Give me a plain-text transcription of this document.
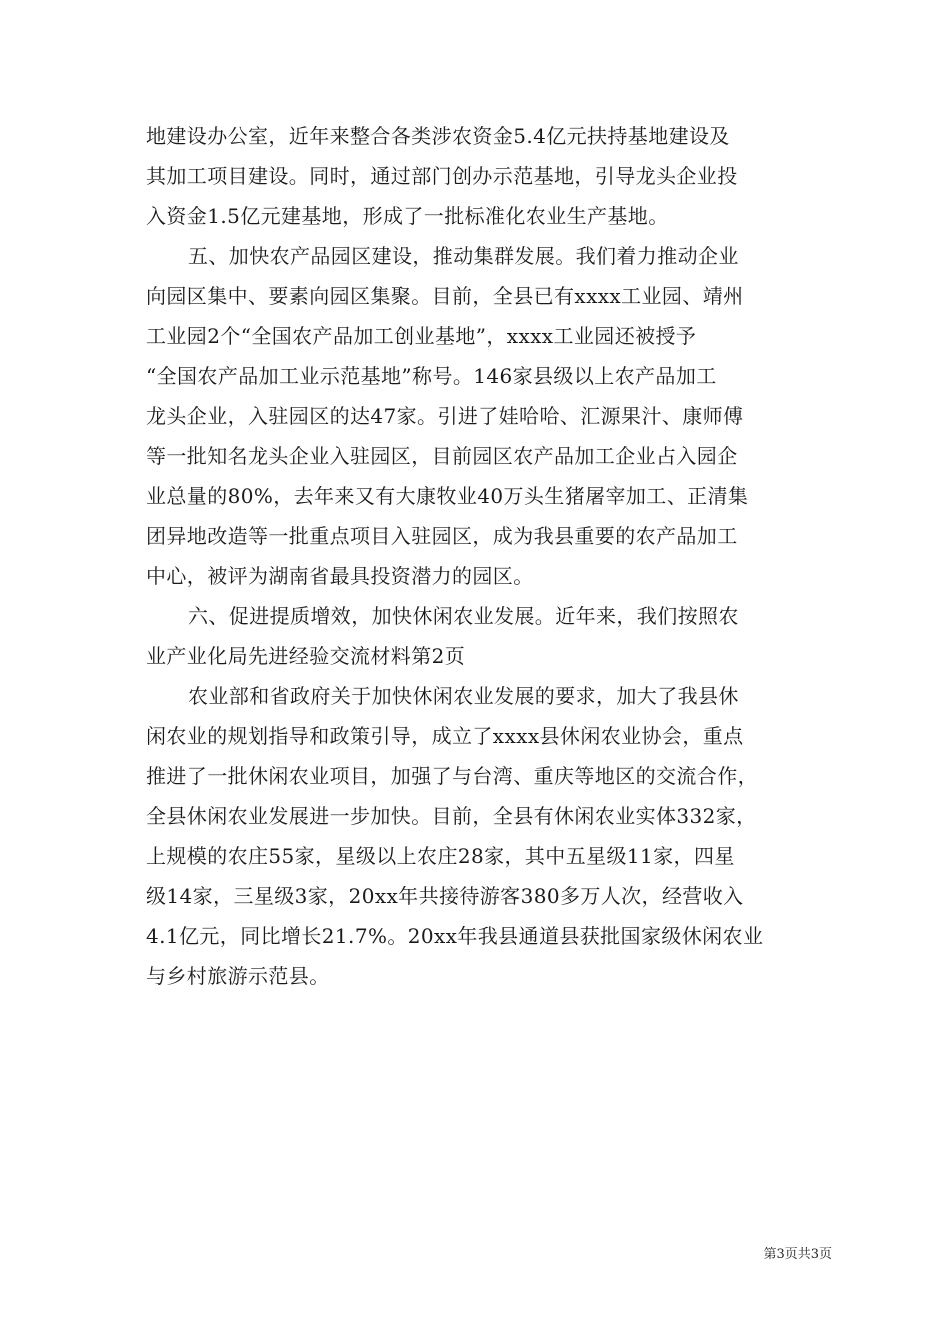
地建设办公室，近年来整合各类涉农资金5.4亿元扶持基地建设及
其加工项目建设。同时，通过部门创办示范基地，引导龙头企业投
入资金1.5亿元建基地，形成了一批标准化农业生产基地。
五、加快农产品园区建设，推动集群发展。我们着力推动企业
向园区集中、要素向园区集聚。目前，全县已有xxxx工业园、靖州
工业园2个“全国农产品加工创业基地”，xxxx工业园还被授予
“全国农产品加工业示范基地”称号。146家县级以上农产品加工
龙头企业，入驻园区的达47家。引进了娃哈哈、汇源果汁、康师傅
等一批知名龙头企业入驻园区，目前园区农产品加工企业占入园企
业总量的80%，去年来又有大康牧业40万头生猪屠宰加工、正清集
团异地改造等一批重点项目入驻园区，成为我县重要的农产品加工
中心，被评为湖南省最具投资潜力的园区。
六、促进提质增效，加快休闲农业发展。近年来，我们按照农
业产业化局先进经验交流材料第2页
农业部和省政府关于加快休闲农业发展的要求，加大了我县休
闲农业的规划指导和政策引导，成立了xxxx县休闲农业协会，重点
推进了一批休闲农业项目，加强了与台湾、重庆等地区的交流合作，
全县休闲农业发展进一步加快。目前，全县有休闲农业实体332家，
上规模的农庄55家，星级以上农庄28家，其中五星级11家，四星
级14家，三星级3家，20xx年共接待游客380多万人次，经营收入
4.1亿元，同比增长21.7%。20xx年我县通道县获批国家级休闲农业
与乡村旅游示范县。
第3页共3页
